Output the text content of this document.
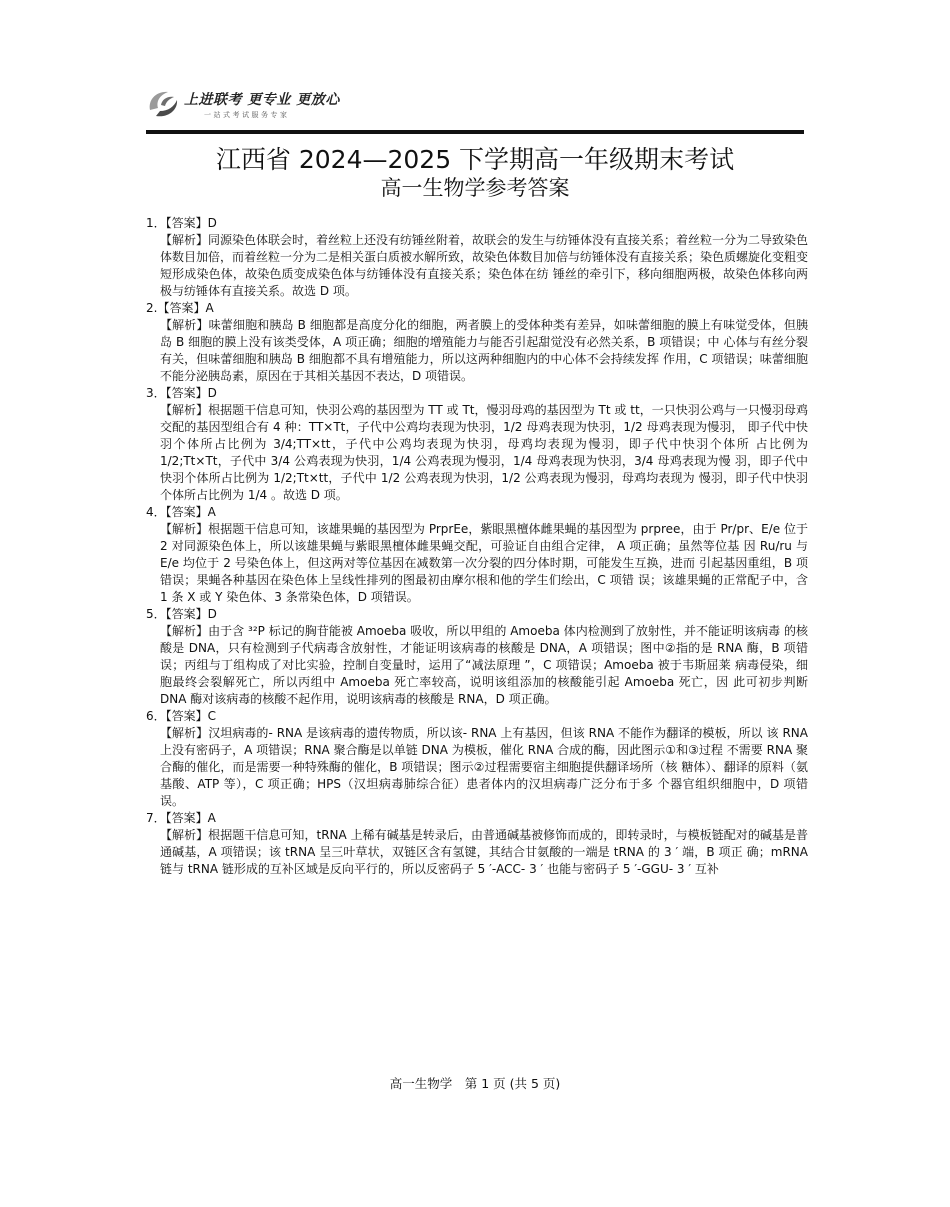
上进联考 更专业 更放心
一站式考试服务专家
江西省 2024—2025 下学期高一年级期末考试
高一生物学参考答案

1．【答案】D

【解析】同源染色体联会时，着丝粒上还没有纺锤丝附着，故联会的发生与纺锤体没有直接关系；着丝粒一分为二导致染色体数目加倍，而着丝粒一分为二是相关蛋白质被水解所致，故染色体数目加倍与纺锤体没有直接关系；染色质螺旋化变粗变短形成染色体，故染色质变成染色体与纺锤体没有直接关系；染色体在纺 锤丝的牵引下，移向细胞两极，故染色体移向两极与纺锤体有直接关系。故选 D 项。

2.【答案】A

【解析】味蕾细胞和胰岛 B 细胞都是高度分化的细胞，两者膜上的受体种类有差异，如味蕾细胞的膜上有味觉受体，但胰岛 B 细胞的膜上没有该类受体，A 项正确；细胞的增殖能力与能否引起甜觉没有必然关系，B 项错误；中 心体与有丝分裂有关，但味蕾细胞和胰岛 B 细胞都不具有增殖能力，所以这两种细胞内的中心体不会持续发挥 作用，C 项错误；味蕾细胞不能分泌胰岛素，原因在于其相关基因不表达，D 项错误。

3．【答案】D

【解析】根据题干信息可知，快羽公鸡的基因型为 TT 或 Tt，慢羽母鸡的基因型为 Tt 或 tt，一只快羽公鸡与一只慢羽母鸡交配的基因型组合有 4 种：TT×Tt，子代中公鸡均表现为快羽，1/2 母鸡表现为快羽，1/2 母鸡表现为慢羽， 即子代中快羽个体所占比例为 3/4;TT×tt，子代中公鸡均表现为快羽，母鸡均表现为慢羽，即子代中快羽个体所 占比例为 1/2;Tt×Tt，子代中 3/4 公鸡表现为快羽，1/4 公鸡表现为慢羽，1/4 母鸡表现为快羽，3/4 母鸡表现为慢 羽，即子代中快羽个体所占比例为 1/2;Tt×tt，子代中 1/2 公鸡表现为快羽，1/2 公鸡表现为慢羽，母鸡均表现为 慢羽，即子代中快羽个体所占比例为 1/4 。故选 D 项。

4．【答案】A

【解析】根据题干信息可知，该雄果蝇的基因型为 PrprEe，紫眼黑檀体雌果蝇的基因型为 prpree，由于 Pr/pr、E/e 位于 2 对同源染色体上，所以该雄果蝇与紫眼黑檀体雌果蝇交配，可验证自由组合定律， A 项正确；虽然等位基 因 Ru/ru 与 E/e 均位于 2 号染色体上，但这两对等位基因在减数第一次分裂的四分体时期，可能发生互换，进而 引起基因重组，B 项错误；果蝇各种基因在染色体上呈线性排列的图最初由摩尔根和他的学生们绘出，C 项错 误；该雄果蝇的正常配子中，含 1 条 X 或 Y 染色体、3 条常染色体，D 项错误。

5．【答案】D

【解析】由于含 ³²P 标记的胸苷能被 Amoeba 吸收，所以甲组的 Amoeba 体内检测到了放射性，并不能证明该病毒 的核酸是 DNA，只有检测到子代病毒含放射性，才能证明该病毒的核酸是 DNA，A 项错误；图中②指的是 RNA 酶，B 项错误；丙组与丁组构成了对比实验，控制自变量时，运用了“减法原理 ”，C 项错误；Amoeba 被于韦斯屈莱 病毒侵染，细胞最终会裂解死亡，所以丙组中 Amoeba 死亡率较高，说明该组添加的核酸能引起 Amoeba 死亡，因 此可初步判断 DNA 酶对该病毒的核酸不起作用，说明该病毒的核酸是 RNA，D 项正确。

6．【答案】C

【解析】汉坦病毒的- RNA 是该病毒的遗传物质，所以该- RNA 上有基因，但该 RNA 不能作为翻译的模板，所以 该 RNA 上没有密码子，A 项错误；RNA 聚合酶是以单链 DNA 为模板，催化 RNA 合成的酶，因此图示①和③过程 不需要 RNA 聚合酶的催化，而是需要一种特殊酶的催化，B 项错误；图示②过程需要宿主细胞提供翻译场所（核 糖体）、翻译的原料（氨基酸、ATP 等），C 项正确；HPS（汉坦病毒肺综合征）患者体内的汉坦病毒广泛分布于多 个器官组织细胞中，D 项错误。

7．【答案】A

【解析】根据题干信息可知，tRNA 上稀有碱基是转录后，由普通碱基被修饰而成的，即转录时，与模板链配对的碱基是普通碱基，A 项错误；该 tRNA 呈三叶草状，双链区含有氢键，其结合甘氨酸的一端是 tRNA 的 3 ′ 端，B 项正 确；mRNA 链与 tRNA 链形成的互补区域是反向平行的，所以反密码子 5 ′-ACC- 3 ′ 也能与密码子 5 ′-GGU- 3 ′ 互补

高一生物学　第 1 页 (共 5 页)
